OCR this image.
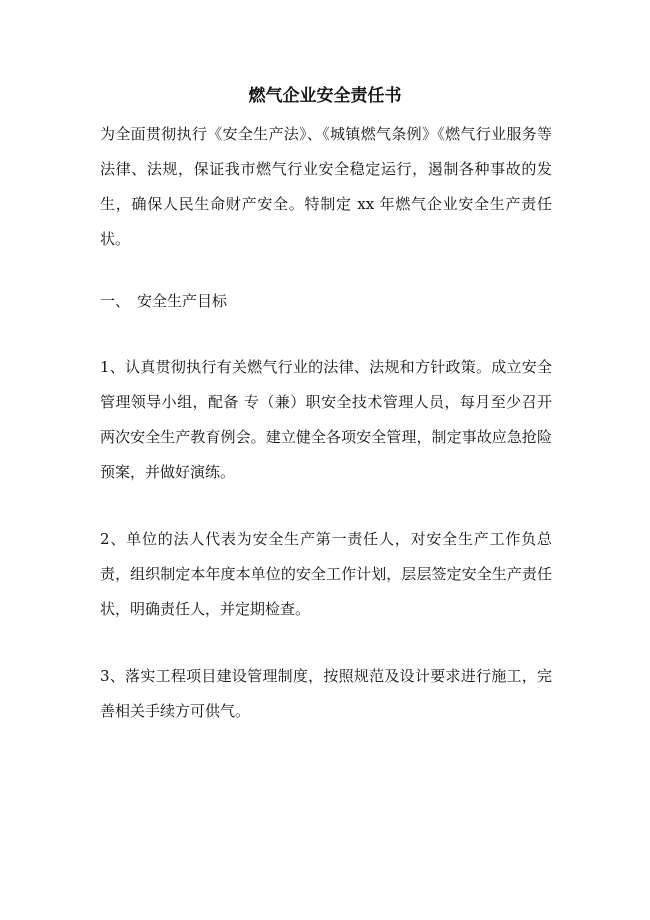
燃气企业安全责任书

为全面贯彻执行《安全生产法》、《城镇燃气条例》《燃气行业服务等法律、法规，保证我市燃气行业安全稳定运行，遏制各种事故的发生，确保人民生命财产安全。特制定 xx 年燃气企业安全生产责任状。

一、 安全生产目标

1、认真贯彻执行有关燃气行业的法律、法规和方针政策。成立安全管理领导小组，配备 专（兼）职安全技术管理人员，每月至少召开两次安全生产教育例会。建立健全各项安全管理，制定事故应急抢险预案，并做好演练。

2、单位的法人代表为安全生产第一责任人，对安全生产工作负总责，组织制定本年度本单位的安全工作计划，层层签定安全生产责任状，明确责任人，并定期检查。

3、落实工程项目建设管理制度，按照规范及设计要求进行施工，完善相关手续方可供气。
